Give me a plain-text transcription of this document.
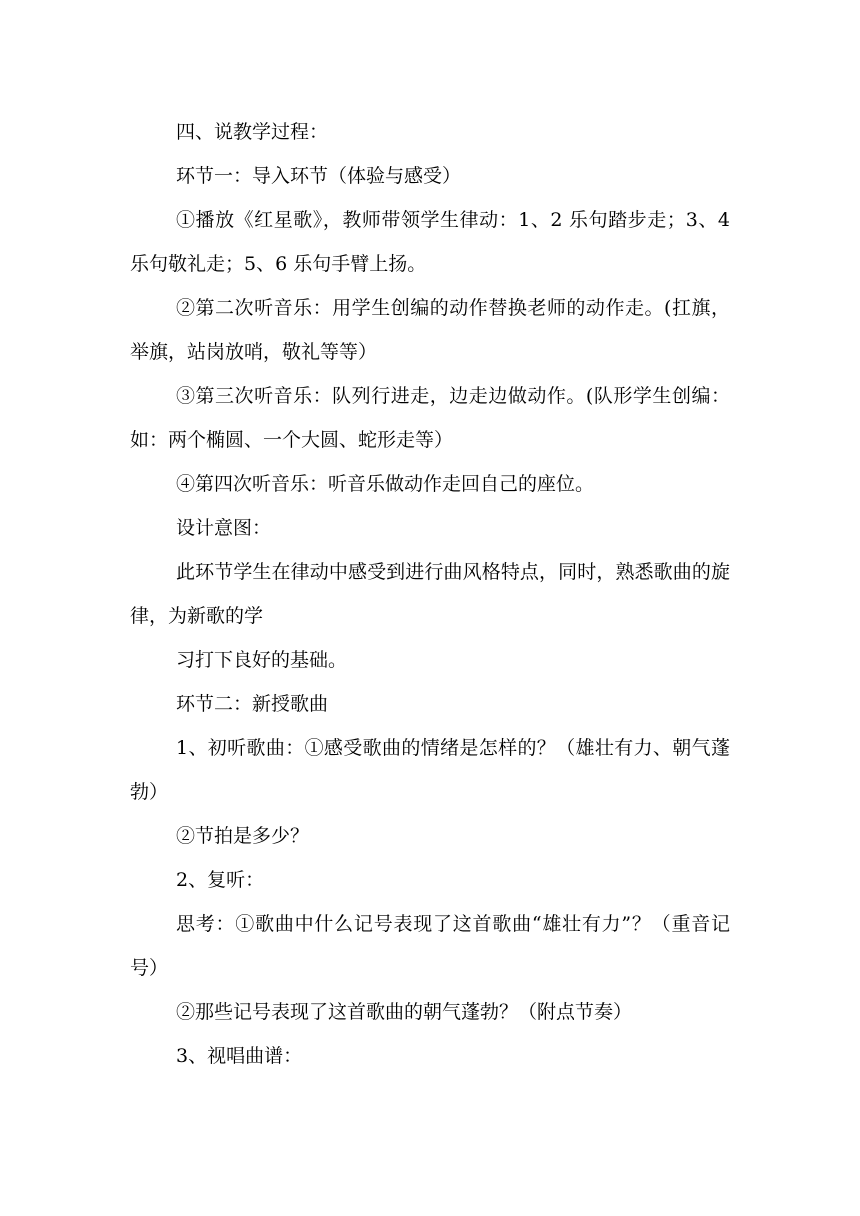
四、说教学过程：

环节一：导入环节（体验与感受）

①播放《红星歌》，教师带领学生律动：1、2 乐句踏步走；3、4 乐句敬礼走；5、6 乐句手臂上扬。

②第二次听音乐：用学生创编的动作替换老师的动作走。(扛旗，举旗，站岗放哨，敬礼等等）

③第三次听音乐：队列行进走，边走边做动作。(队形学生创编：如：两个椭圆、一个大圆、蛇形走等）

④第四次听音乐：听音乐做动作走回自己的座位。

设计意图：

此环节学生在律动中感受到进行曲风格特点，同时，熟悉歌曲的旋律，为新歌的学

习打下良好的基础。

环节二：新授歌曲

1、初听歌曲：①感受歌曲的情绪是怎样的？（雄壮有力、朝气蓬勃）

②节拍是多少？

2、复听：

思考：①歌曲中什么记号表现了这首歌曲“雄壮有力”？（重音记号）

②那些记号表现了这首歌曲的朝气蓬勃？（附点节奏）

3、视唱曲谱：
